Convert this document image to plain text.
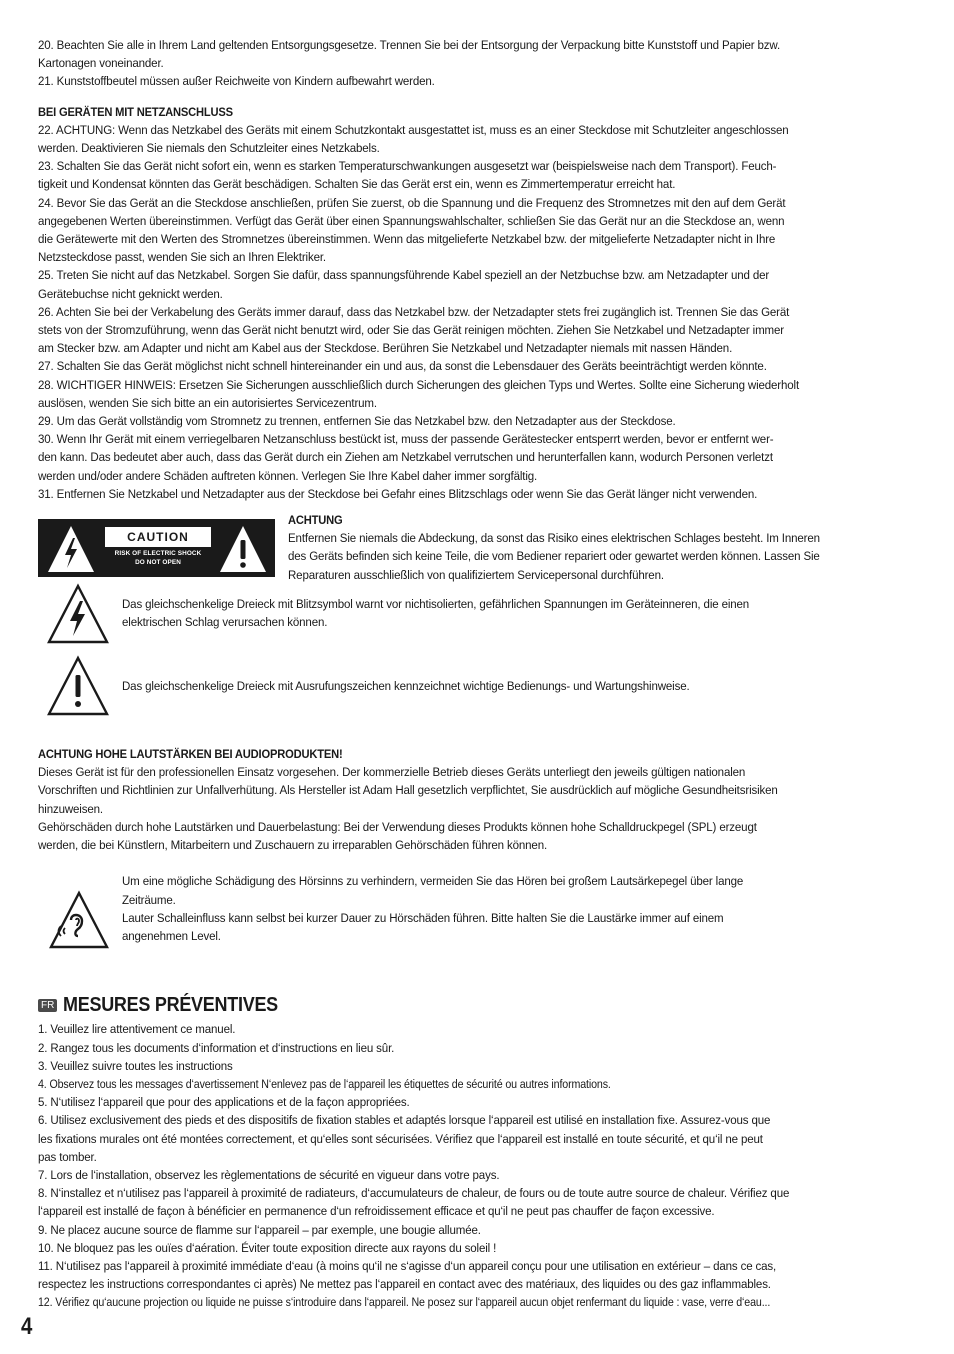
20. Beachten Sie alle in Ihrem Land geltenden Entsorgungsgesetze. Trennen Sie bei der Entsorgung der Verpackung bitte Kunststoff und Papier bzw.
Kartonagen voneinander.
21. Kunststoffbeutel müssen außer Reichweite von Kindern aufbewahrt werden.
BEI GERÄTEN MIT NETZANSCHLUSS
22. ACHTUNG: Wenn das Netzkabel des Geräts mit einem Schutzkontakt ausgestattet ist, muss es an einer Steckdose mit Schutzleiter angeschlossen
werden. Deaktivieren Sie niemals den Schutzleiter eines Netzkabels.
23. Schalten Sie das Gerät nicht sofort ein, wenn es starken Temperaturschwankungen ausgesetzt war (beispielsweise nach dem Transport). Feuch-
tigkeit und Kondensat könnten das Gerät beschädigen. Schalten Sie das Gerät erst ein, wenn es Zimmertemperatur erreicht hat.
24. Bevor Sie das Gerät an die Steckdose anschließen, prüfen Sie zuerst, ob die Spannung und die Frequenz des Stromnetzes mit den auf dem Gerät
angegebenen Werten übereinstimmen. Verfügt das Gerät über einen Spannungswahlschalter, schließen Sie das Gerät nur an die Steckdose an, wenn
die Gerätewerte mit den Werten des Stromnetzes übereinstimmen. Wenn das mitgelieferte Netzkabel bzw. der mitgelieferte Netzadapter nicht in Ihre
Netzsteckdose passt, wenden Sie sich an Ihren Elektriker.
25. Treten Sie nicht auf das Netzkabel. Sorgen Sie dafür, dass spannungsführende Kabel speziell an der Netzbuchse bzw. am Netzadapter und der
Gerätebuchse nicht geknickt werden.
26. Achten Sie bei der Verkabelung des Geräts immer darauf, dass das Netzkabel bzw. der Netzadapter stets frei zugänglich ist. Trennen Sie das Gerät
stets von der Stromzuführung, wenn das Gerät nicht benutzt wird, oder Sie das Gerät reinigen möchten. Ziehen Sie Netzkabel und Netzadapter immer
am Stecker bzw. am Adapter und nicht am Kabel aus der Steckdose. Berühren Sie Netzkabel und Netzadapter niemals mit nassen Händen.
27. Schalten Sie das Gerät möglichst nicht schnell hintereinander ein und aus, da sonst die Lebensdauer des Geräts beeinträchtigt werden könnte.
28. WICHTIGER HINWEIS: Ersetzen Sie Sicherungen ausschließlich durch Sicherungen des gleichen Typs und Wertes. Sollte eine Sicherung wiederholt
auslösen, wenden Sie sich bitte an ein autorisiertes Servicezentrum.
29. Um das Gerät vollständig vom Stromnetz zu trennen, entfernen Sie das Netzkabel bzw. den Netzadapter aus der Steckdose.
30. Wenn Ihr Gerät mit einem verriegelbaren Netzanschluss bestückt ist, muss der passende Gerätestecker entsperrt werden, bevor er entfernt wer-
den kann. Das bedeutet aber auch, dass das Gerät durch ein Ziehen am Netzkabel verrutschen und herunterfallen kann, wodurch Personen verletzt
werden und/oder andere Schäden auftreten können. Verlegen Sie Ihre Kabel daher immer sorgfältig.
31. Entfernen Sie Netzkabel und Netzadapter aus der Steckdose bei Gefahr eines Blitzschlags oder wenn Sie das Gerät länger nicht verwenden.
CAUTION
RISK OF ELECTRIC SHOCK
DO NOT OPEN
ACHTUNG
Entfernen Sie niemals die Abdeckung, da sonst das Risiko eines elektrischen Schlages besteht. Im Inneren
des Geräts befinden sich keine Teile, die vom Bediener repariert oder gewartet werden können. Lassen Sie
Reparaturen ausschließlich von qualifiziertem Servicepersonal durchführen.
Das gleichschenkelige Dreieck mit Blitzsymbol warnt vor nichtisolierten, gefährlichen Spannungen im Geräteinneren, die einen
elektrischen Schlag verursachen können.
Das gleichschenkelige Dreieck mit Ausrufungszeichen kennzeichnet wichtige Bedienungs- und Wartungshinweise.
ACHTUNG HOHE LAUTSTÄRKEN BEI AUDIOPRODUKTEN!
Dieses Gerät ist für den professionellen Einsatz vorgesehen. Der kommerzielle Betrieb dieses Geräts unterliegt den jeweils gültigen nationalen
Vorschriften und Richtlinien zur Unfallverhütung. Als Hersteller ist Adam Hall gesetzlich verpflichtet, Sie ausdrücklich auf mögliche Gesundheitsrisiken
hinzuweisen.
Gehörschäden durch hohe Lautstärken und Dauerbelastung: Bei der Verwendung dieses Produkts können hohe Schalldruckpegel (SPL) erzeugt
werden, die bei Künstlern, Mitarbeitern und Zuschauern zu irreparablen Gehörschäden führen können.
Um eine mögliche Schädigung des Hörsinns zu verhindern, vermeiden Sie das Hören bei großem Lautsärkepegel über lange
Zeiträume.
Lauter Schalleinfluss kann selbst bei kurzer Dauer zu Hörschäden führen. Bitte halten Sie die Laustärke immer auf einem
angenehmen Level.
FR MESURES PRÉVENTIVES
1. Veuillez lire attentivement ce manuel.
2. Rangez tous les documents d‘information et d‘instructions en lieu sûr.
3. Veuillez suivre toutes les instructions
4. Observez tous les messages d‘avertissement N‘enlevez pas de l‘appareil les étiquettes de sécurité ou autres informations.
5. N‘utilisez l‘appareil que pour des applications et de la façon appropriées.
6. Utilisez exclusivement des pieds et des dispositifs de fixation stables et adaptés lorsque l‘appareil est utilisé en installation fixe. Assurez-vous que
les fixations murales ont été montées correctement, et qu‘elles sont sécurisées. Vérifiez que l‘appareil est installé en toute sécurité, et qu‘il ne peut
pas tomber.
7. Lors de l‘installation, observez les règlementations de sécurité en vigueur dans votre pays.
8. N‘installez et n‘utilisez pas l‘appareil à proximité de radiateurs, d‘accumulateurs de chaleur, de fours ou de toute autre source de chaleur. Vérifiez que
l‘appareil est installé de façon à bénéficier en permanence d‘un refroidissement efficace et qu‘il ne peut pas chauffer de façon excessive.
9. Ne placez aucune source de flamme sur l‘appareil – par exemple, une bougie allumée.
10. Ne bloquez pas les ouïes d‘aération. Éviter toute exposition directe aux rayons du soleil !
11. N‘utilisez pas l‘appareil à proximité immédiate d‘eau (à moins qu‘il ne s‘agisse d‘un appareil conçu pour une utilisation en extérieur – dans ce cas,
respectez les instructions correspondantes ci après) Ne mettez pas l‘appareil en contact avec des matériaux, des liquides ou des gaz inflammables.
12. Vérifiez qu‘aucune projection ou liquide ne puisse s‘introduire dans l‘appareil. Ne posez sur l‘appareil aucun objet renfermant du liquide : vase, verre d‘eau...
4
